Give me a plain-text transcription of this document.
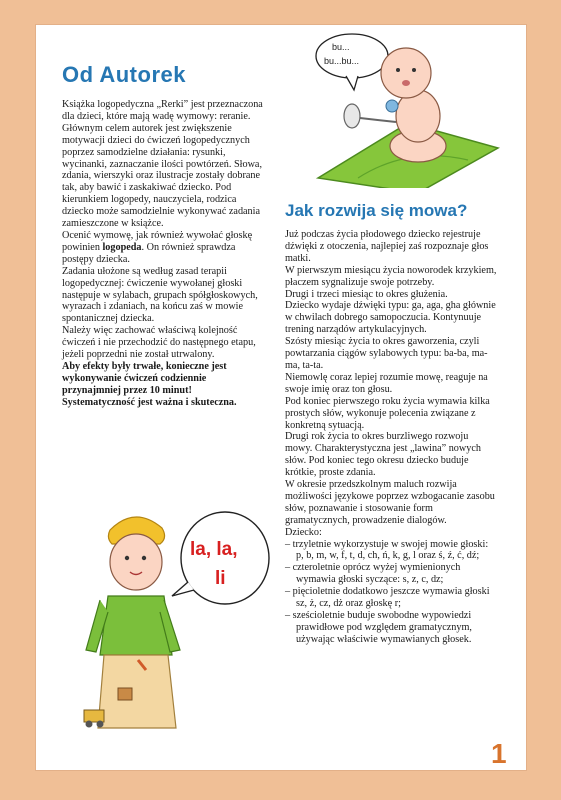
Od Autorek

Książka logopedyczna „Rerki” jest przeznaczona dla dzieci, które mają wadę wymowy: reranie.

Głównym celem autorek jest zwiększenie motywacji dzieci do ćwiczeń logopedycznych poprzez samodzielne działania: rysunki, wycinanki, zaznaczanie ilości powtórzeń. Słowa, zdania, wierszyki oraz ilustracje zostały dobrane tak, aby bawić i zaskakiwać dziecko. Pod kierunkiem logopedy, nauczyciela, rodzica dziecko może samodzielnie wykonywać zadania zamieszczone w książce.

Ocenić wymowę, jak również wywołać głoskę powinien logopeda. On również sprawdza postępy dziecka.

Zadania ułożone są według zasad terapii logopedycznej: ćwiczenie wywołanej głoski następuje w sylabach, grupach spółgłoskowych, wyrazach i zdaniach, na końcu zaś w mowie spontanicznej dziecka.

Należy więc zachować właściwą kolejność ćwiczeń i nie przechodzić do następnego etapu, jeżeli poprzedni nie został utrwalony.

Aby efekty były trwałe, konieczne jest wykonywanie ćwiczeń codziennie przynajmniej przez 10 minut!

Systematyczność jest ważna i skuteczna.

Jak rozwija się mowa?

Już podczas życia płodowego dziecko rejestruje dźwięki z otoczenia, najlepiej zaś rozpoznaje głos matki.

W pierwszym miesiącu życia noworodek krzykiem, płaczem sygnalizuje swoje potrzeby.

Drugi i trzeci miesiąc to okres głużenia.

Dziecko wydaje dźwięki typu: ga, aga, gha głównie w chwilach dobrego samopoczucia. Kontynuuje trening narządów artykulacyjnych.

Szósty miesiąc życia to okres gaworzenia, czyli powtarzania ciągów sylabowych typu: ba-ba, ma-ma, ta-ta.

Niemowlę coraz lepiej rozumie mowę, reaguje na swoje imię oraz ton głosu.

Pod koniec pierwszego roku życia wymawia kilka prostych słów, wykonuje polecenia związane z konkretną sytuacją.

Drugi rok życia to okres burzliwego rozwoju mowy. Charakterystyczna jest „lawina” nowych słów. Pod koniec tego okresu dziecko buduje krótkie, proste zdania.

W okresie przedszkolnym maluch rozwija możliwości językowe poprzez wzbogacanie zasobu słów, poznawanie i stosowanie form gramatycznych, prowadzenie dialogów.

Dziecko:

– trzyletnie wykorzystuje w swojej mowie głoski: p, b, m, w, f, t, d, ch, ń, k, g, l oraz ś, ź, ć, dź;
– czteroletnie oprócz wyżej wymienionych wymawia głoski syczące: s, z, c, dz;
– pięcioletnie dodatkowo jeszcze wymawia głoski sz, ż, cz, dż oraz głoskę r;
– sześcioletnie buduje swobodne wypowiedzi prawidłowe pod względem gramatycznym, używając właściwie wymawianych głosek.
bu...
bu...bu...
la, la,
li
1
